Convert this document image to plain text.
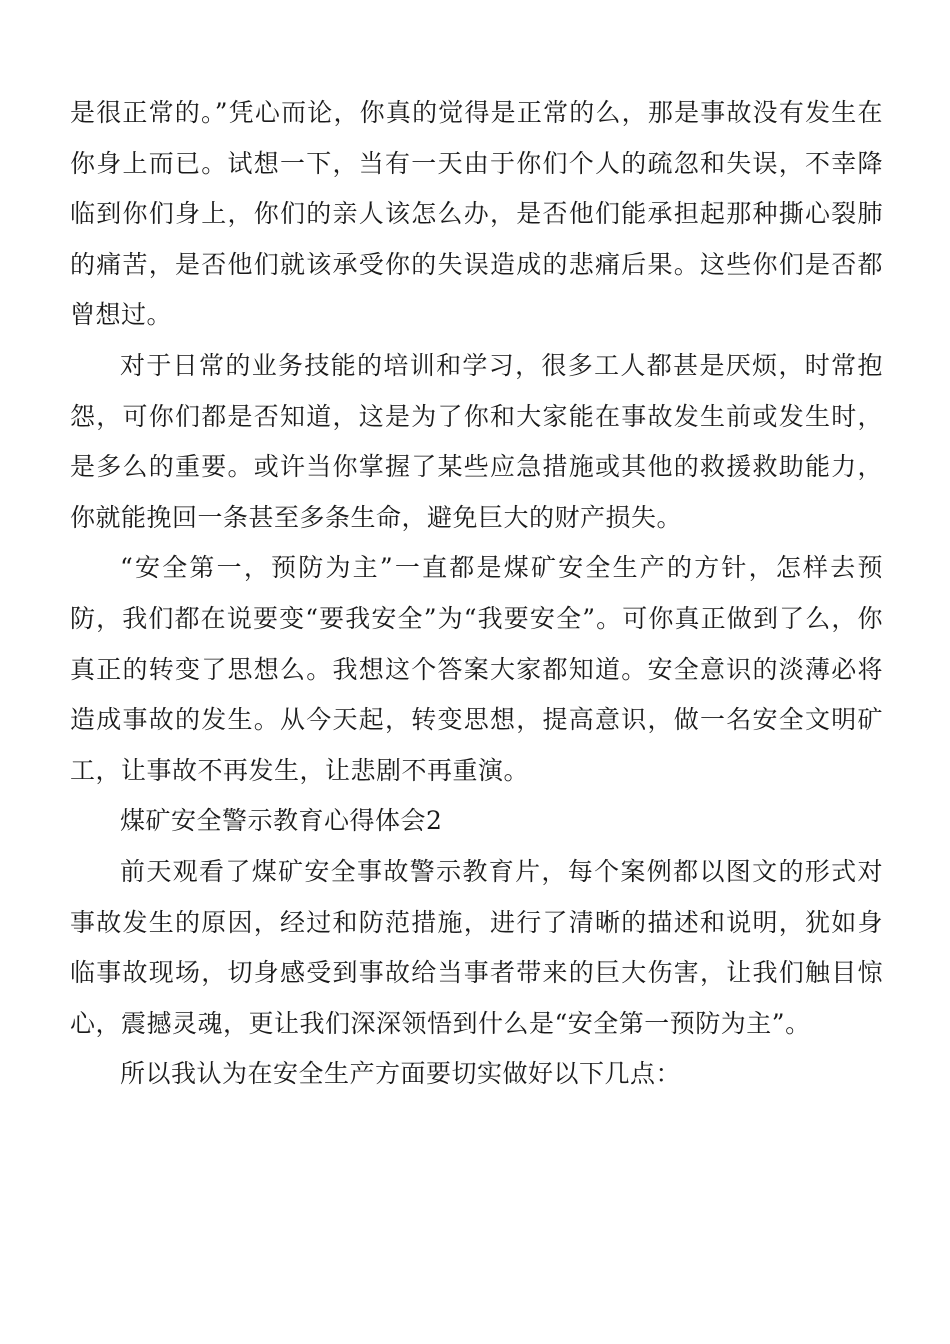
是很正常的。”凭心而论，你真的觉得是正常的么，那是事故没有发生在你身上而已。试想一下，当有一天由于你们个人的疏忽和失误，不幸降临到你们身上，你们的亲人该怎么办，是否他们能承担起那种撕心裂肺的痛苦，是否他们就该承受你的失误造成的悲痛后果。这些你们是否都曾想过。

对于日常的业务技能的培训和学习，很多工人都甚是厌烦，时常抱怨，可你们都是否知道，这是为了你和大家能在事故发生前或发生时，是多么的重要。或许当你掌握了某些应急措施或其他的救援救助能力，你就能挽回一条甚至多条生命，避免巨大的财产损失。

“安全第一，预防为主”一直都是煤矿安全生产的方针，怎样去预防，我们都在说要变“要我安全”为“我要安全”。可你真正做到了么，你真正的转变了思想么。我想这个答案大家都知道。安全意识的淡薄必将造成事故的发生。从今天起，转变思想，提高意识，做一名安全文明矿工，让事故不再发生，让悲剧不再重演。

煤矿安全警示教育心得体会2

前天观看了煤矿安全事故警示教育片，每个案例都以图文的形式对事故发生的原因，经过和防范措施，进行了清晰的描述和说明，犹如身临事故现场，切身感受到事故给当事者带来的巨大伤害，让我们触目惊心，震撼灵魂，更让我们深深领悟到什么是“安全第一预防为主”。

所以我认为在安全生产方面要切实做好以下几点：
